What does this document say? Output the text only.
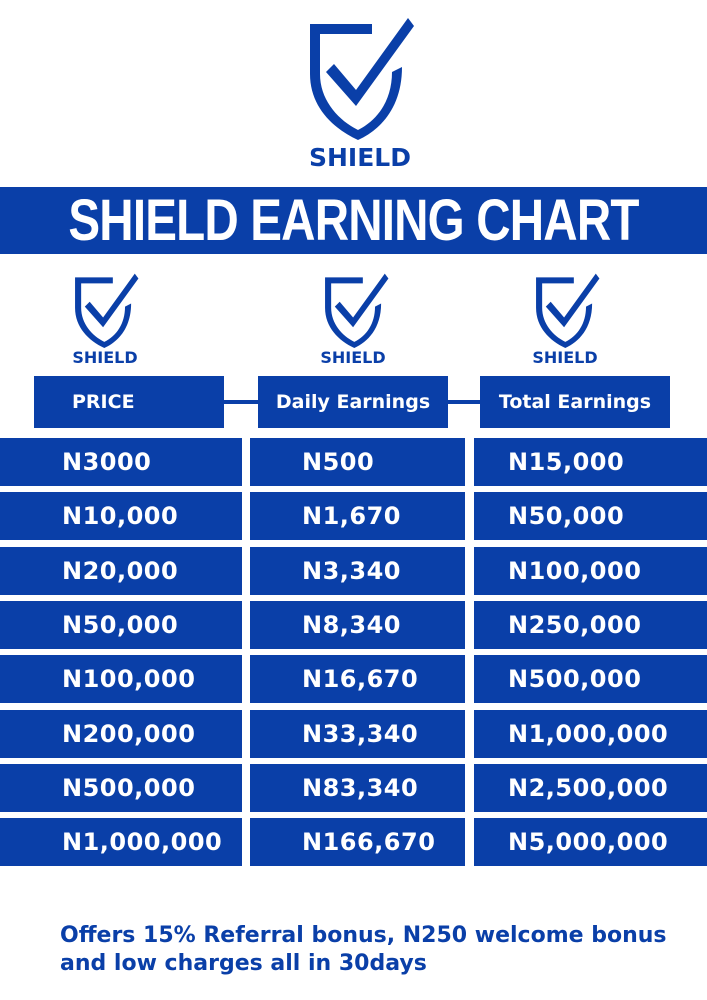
SHIELD
SHIELD EARNING CHART
SHIELD	SHIELD	SHIELD
PRICE	Daily Earnings	Total Earnings
N3000	N500	N15,000
N10,000	N1,670	N50,000
N20,000	N3,340	N100,000
N50,000	N8,340	N250,000
N100,000	N16,670	N500,000
N200,000	N33,340	N1,000,000
N500,000	N83,340	N2,500,000
N1,000,000	N166,670	N5,000,000
Offers 15% Referral bonus, N250 welcome bonus and low charges all in 30days
